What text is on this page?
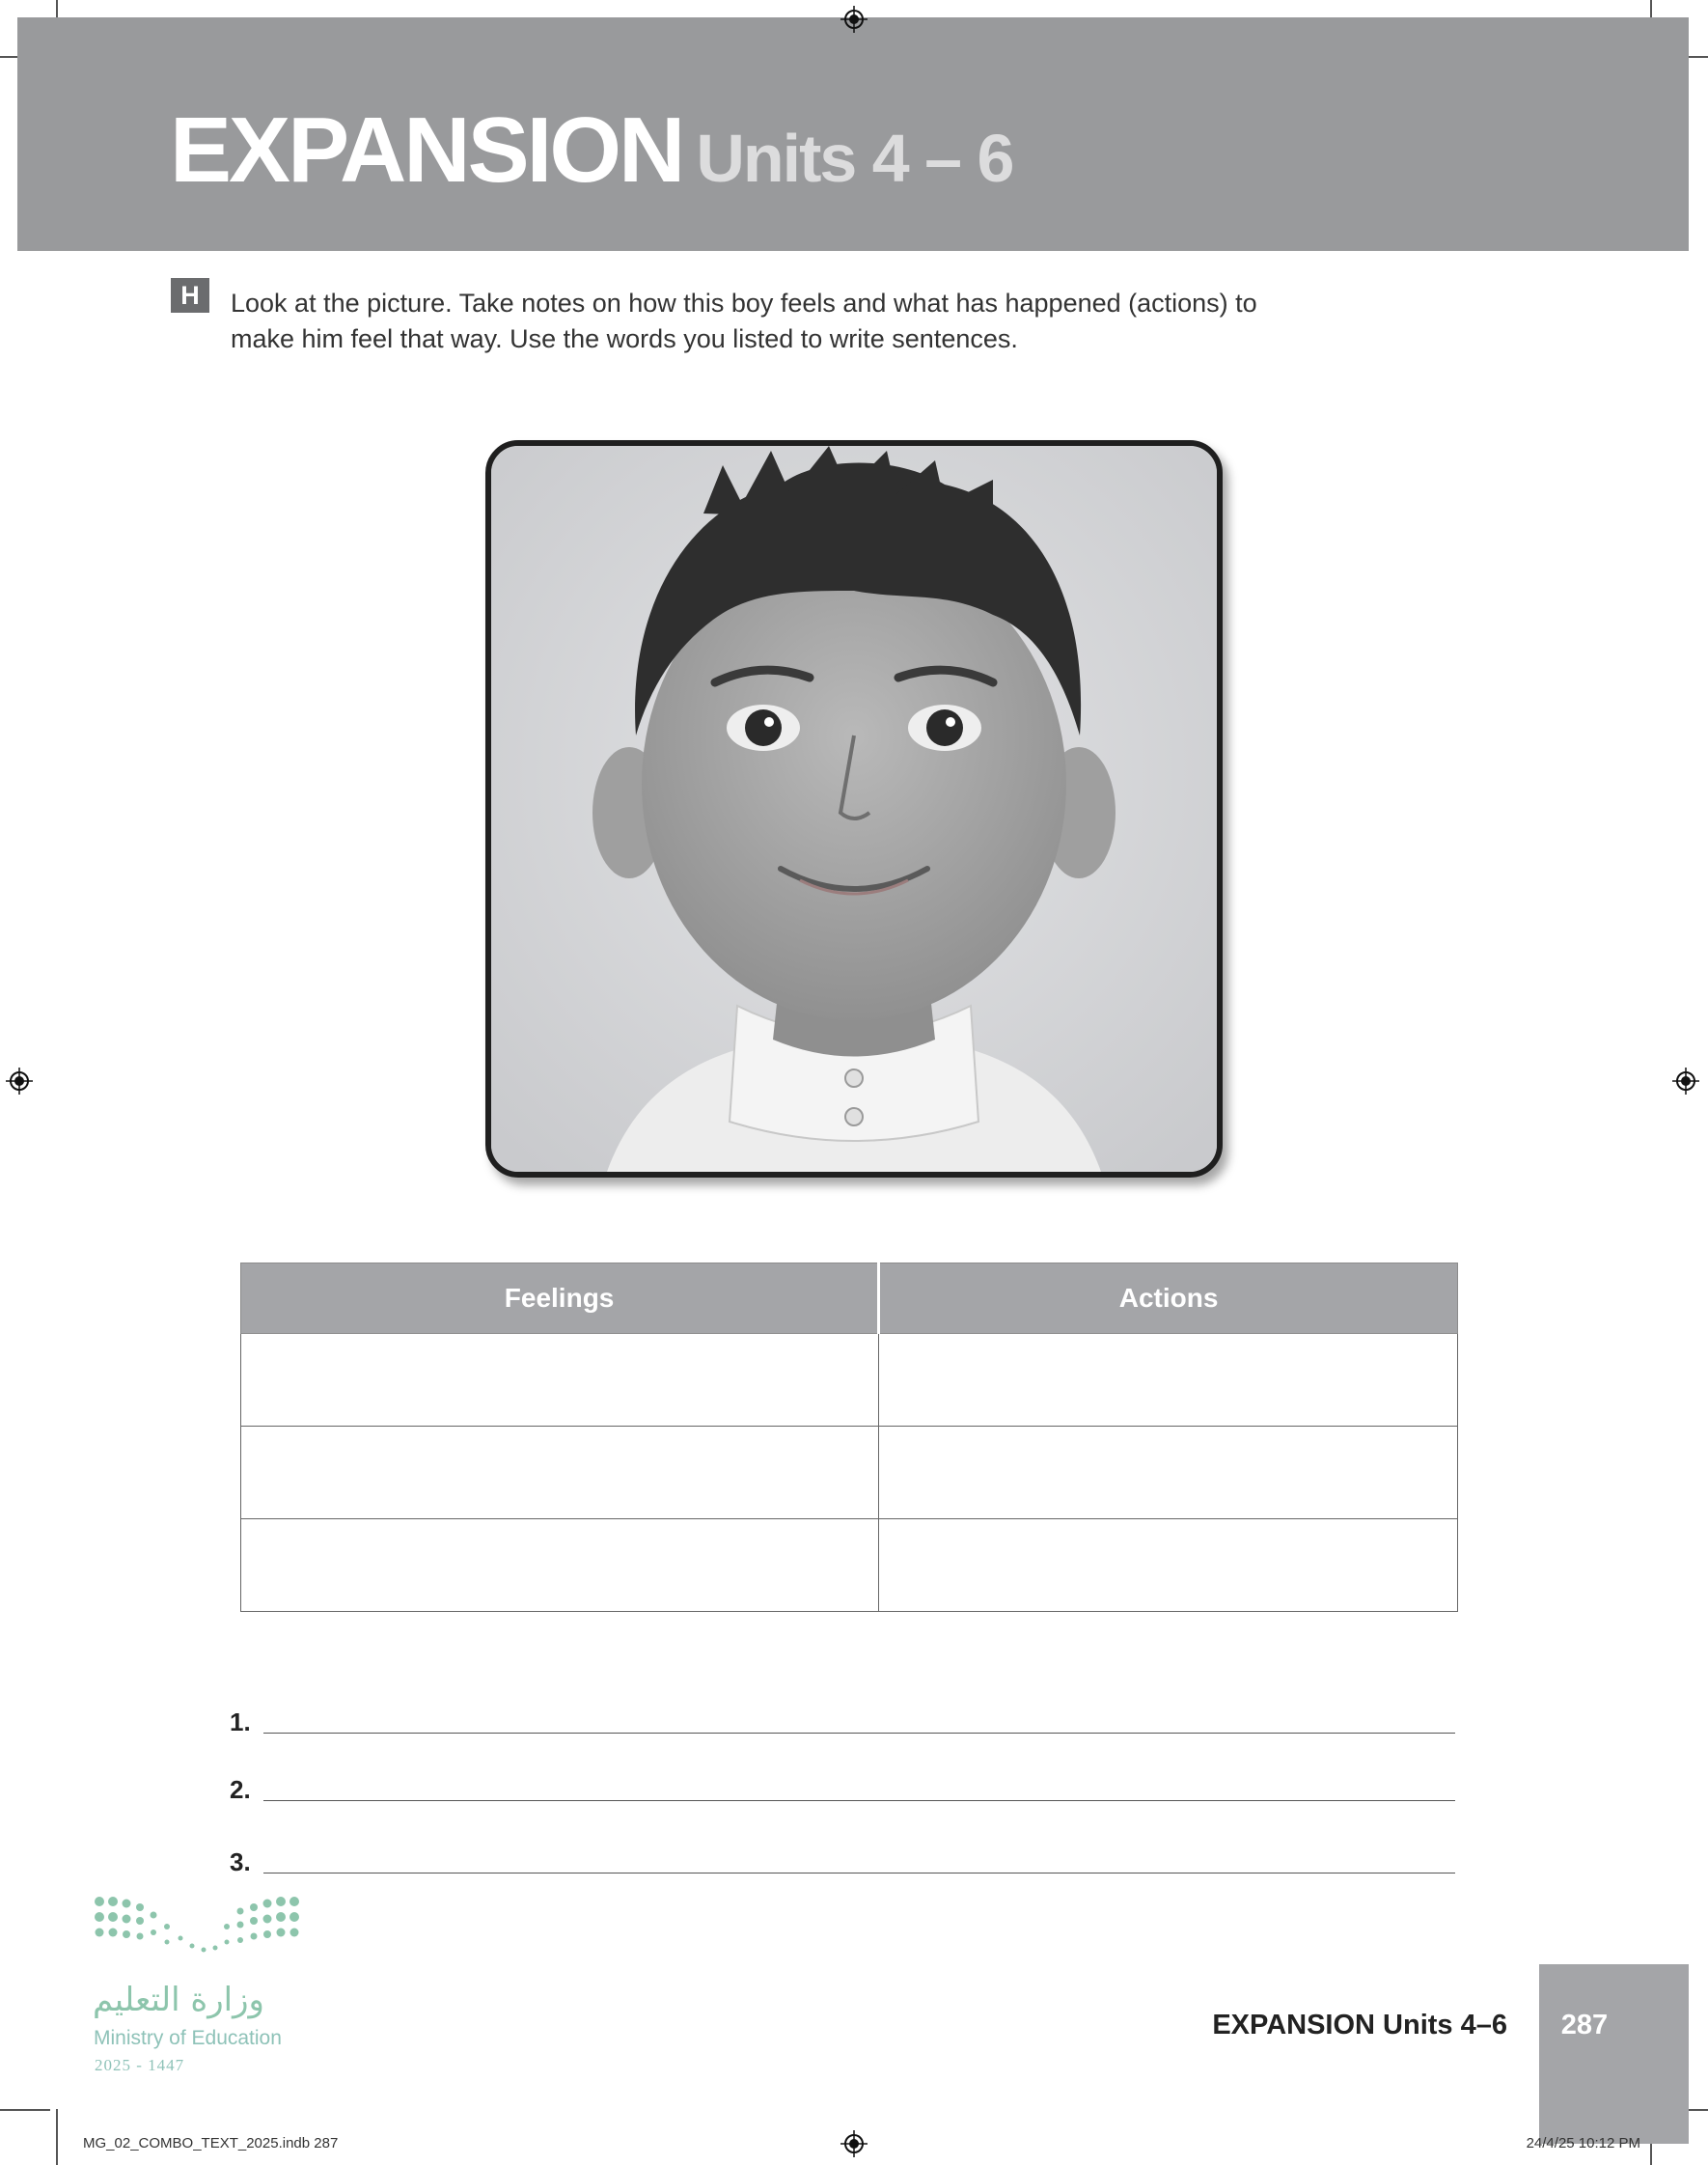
EXPANSION Units 4 – 6
H	Look at the picture. Take notes on how this boy feels and what has happened (actions) to make him feel that way. Use the words you listed to write sentences.
Feelings	Actions

1.
2.
3.
وزارة التعليم
Ministry of Education
2025 - 1447
EXPANSION Units 4–6	287
MG_02_COMBO_TEXT_2025.indb 287	24/4/25 10:12 PM
